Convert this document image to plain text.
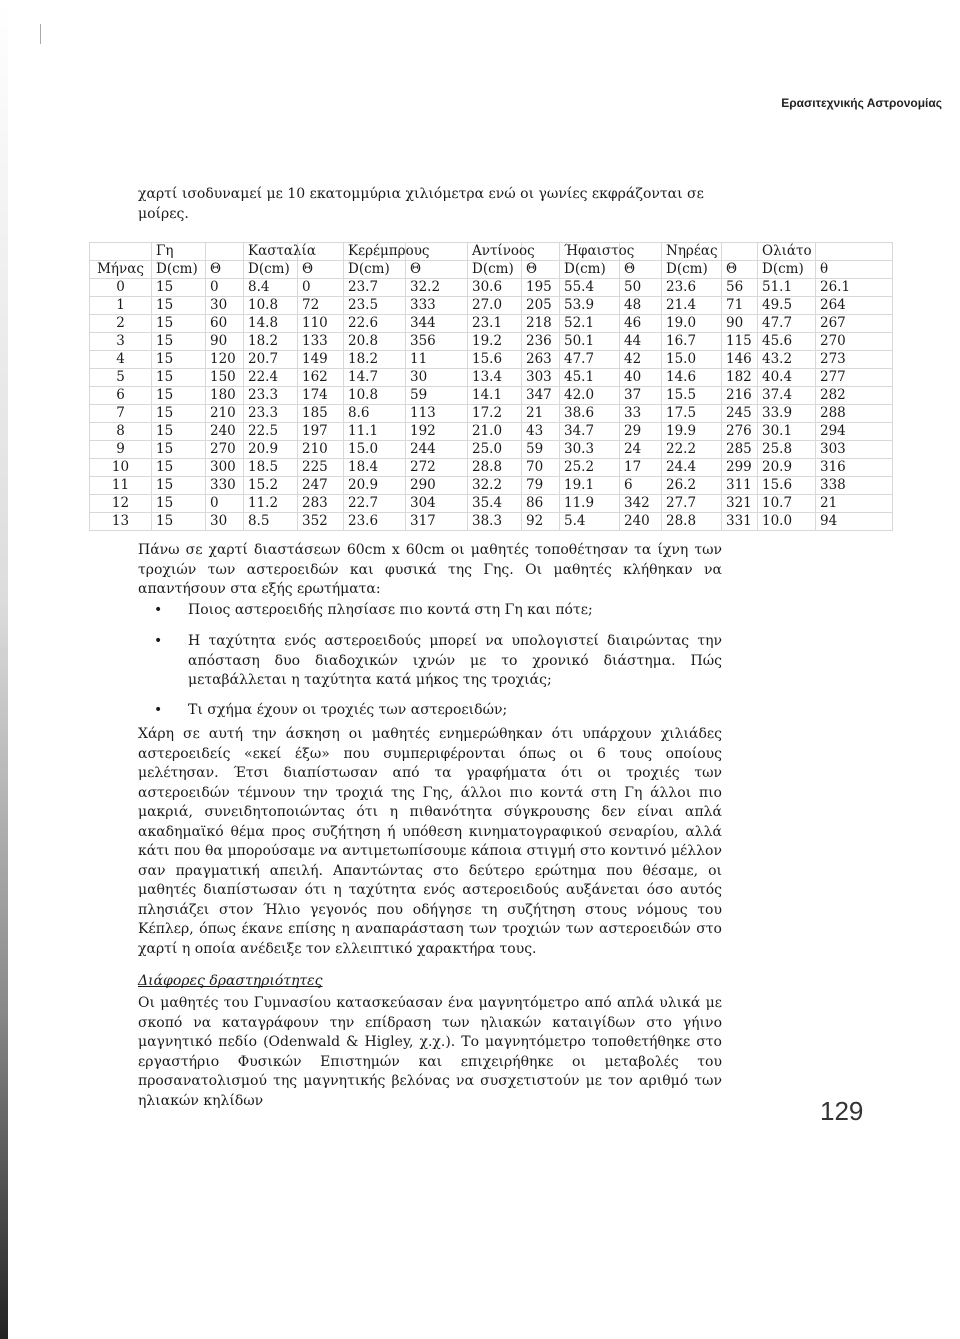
Ερασιτεχνικής Αστρονομίας

χαρτί ισοδυναμεί με 10 εκατομμύρια χιλιόμετρα ενώ οι γωνίες εκφράζονται σε μοίρες.

	Γη		Κασταλία		Κερέμπρους		Αντίνοος		Ήφαιστος		Νηρέας		Ολιάτο	
Μήνας	D(cm)	Θ	D(cm)	Θ	D(cm)	Θ	D(cm)	Θ	D(cm)	Θ	D(cm)	Θ	D(cm)	θ
0	15	0	8.4	0	23.7	32.2	30.6	195	55.4	50	23.6	56	51.1	26.1
1	15	30	10.8	72	23.5	333	27.0	205	53.9	48	21.4	71	49.5	264
2	15	60	14.8	110	22.6	344	23.1	218	52.1	46	19.0	90	47.7	267
3	15	90	18.2	133	20.8	356	19.2	236	50.1	44	16.7	115	45.6	270
4	15	120	20.7	149	18.2	11	15.6	263	47.7	42	15.0	146	43.2	273
5	15	150	22.4	162	14.7	30	13.4	303	45.1	40	14.6	182	40.4	277
6	15	180	23.3	174	10.8	59	14.1	347	42.0	37	15.5	216	37.4	282
7	15	210	23.3	185	8.6	113	17.2	21	38.6	33	17.5	245	33.9	288
8	15	240	22.5	197	11.1	192	21.0	43	34.7	29	19.9	276	30.1	294
9	15	270	20.9	210	15.0	244	25.0	59	30.3	24	22.2	285	25.8	303
10	15	300	18.5	225	18.4	272	28.8	70	25.2	17	24.4	299	20.9	316
11	15	330	15.2	247	20.9	290	32.2	79	19.1	6	26.2	311	15.6	338
12	15	0	11.2	283	22.7	304	35.4	86	11.9	342	27.7	321	10.7	21
13	15	30	8.5	352	23.6	317	38.3	92	5.4	240	28.8	331	10.0	94

Πάνω σε χαρτί διαστάσεων 60cm x 60cm οι μαθητές τοποθέτησαν τα ίχνη των τροχιών των αστεροειδών και φυσικά της Γης. Οι μαθητές κλήθηκαν να απαντήσουν στα εξής ερωτήματα:

• Ποιος αστεροειδής πλησίασε πιο κοντά στη Γη και πότε;
• Η ταχύτητα ενός αστεροειδούς μπορεί να υπολογιστεί διαιρώντας την απόσταση δυο διαδοχικών ιχνών με το χρονικό διάστημα. Πώς μεταβάλλεται η ταχύτητα κατά μήκος της τροχιάς;
• Τι σχήμα έχουν οι τροχιές των αστεροειδών;

Χάρη σε αυτή την άσκηση οι μαθητές ενημερώθηκαν ότι υπάρχουν χιλιάδες αστεροειδείς «εκεί έξω» που συμπεριφέρονται όπως οι 6 τους οποίους μελέτησαν. Έτσι διαπίστωσαν από τα γραφήματα ότι οι τροχιές των αστεροειδών τέμνουν την τροχιά της Γης, άλλοι πιο κοντά στη Γη άλλοι πιο μακριά, συνειδητοποιώντας ότι η πιθανότητα σύγκρουσης δεν είναι απλά ακαδημαϊκό θέμα προς συζήτηση ή υπόθεση κινηματογραφικού σεναρίου, αλλά κάτι που θα μπορούσαμε να αντιμετωπίσουμε κάποια στιγμή στο κοντινό μέλλον σαν πραγματική απειλή. Απαντώντας στο δεύτερο ερώτημα που θέσαμε, οι μαθητές διαπίστωσαν ότι η ταχύτητα ενός αστεροειδούς αυξάνεται όσο αυτός πλησιάζει στον Ήλιο γεγονός που οδήγησε τη συζήτηση στους νόμους του Κέπλερ, όπως έκανε επίσης η αναπαράσταση των τροχιών των αστεροειδών στο χαρτί η οποία ανέδειξε τον ελλειπτικό χαρακτήρα τους.

Διάφορες δραστηριότητες

Οι μαθητές του Γυμνασίου κατασκεύασαν ένα μαγνητόμετρο από απλά υλικά με σκοπό να καταγράφουν την επίδραση των ηλιακών καταιγίδων στο γήινο μαγνητικό πεδίο (Odenwald & Higley, χ.χ.). Το μαγνητόμετρο τοποθετήθηκε στο εργαστήριο Φυσικών Επιστημών και επιχειρήθηκε οι μεταβολές του προσανατολισμού της μαγνητικής βελόνας να συσχετιστούν με τον αριθμό των ηλιακών κηλίδων	129
